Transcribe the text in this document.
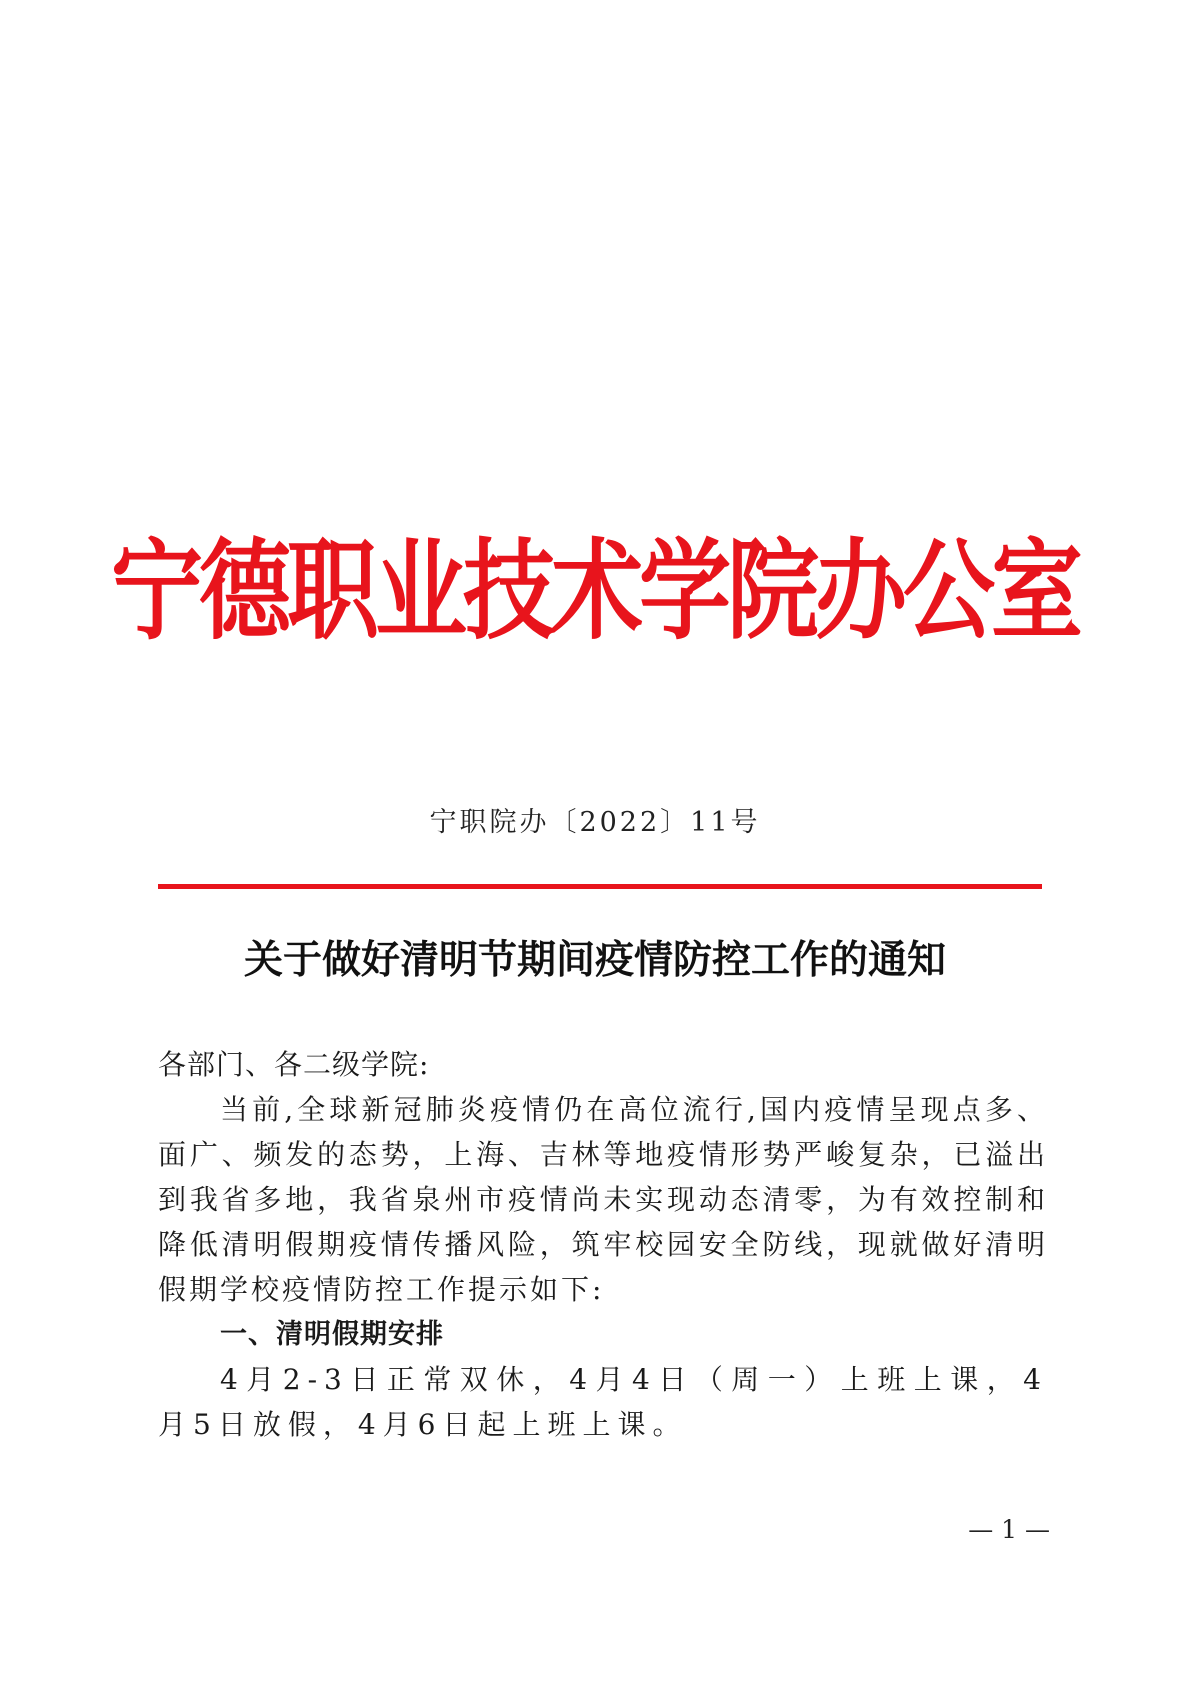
宁德职业技术学院办公室
宁职院办〔2022〕11号
关于做好清明节期间疫情防控工作的通知

各部门、各二级学院:

当前,全球新冠肺炎疫情仍在高位流行,国内疫情呈现点多、面广、频发的态势，上海、吉林等地疫情形势严峻复杂，已溢出到我省多地，我省泉州市疫情尚未实现动态清零，为有效控制和降低清明假期疫情传播风险，筑牢校园安全防线，现就做好清明假期学校疫情防控工作提示如下:

一、清明假期安排

4月2-3日正常双休，4月4日（周一）上班上课，4月5日放假，4月6日起上班上课。

— 1 —
